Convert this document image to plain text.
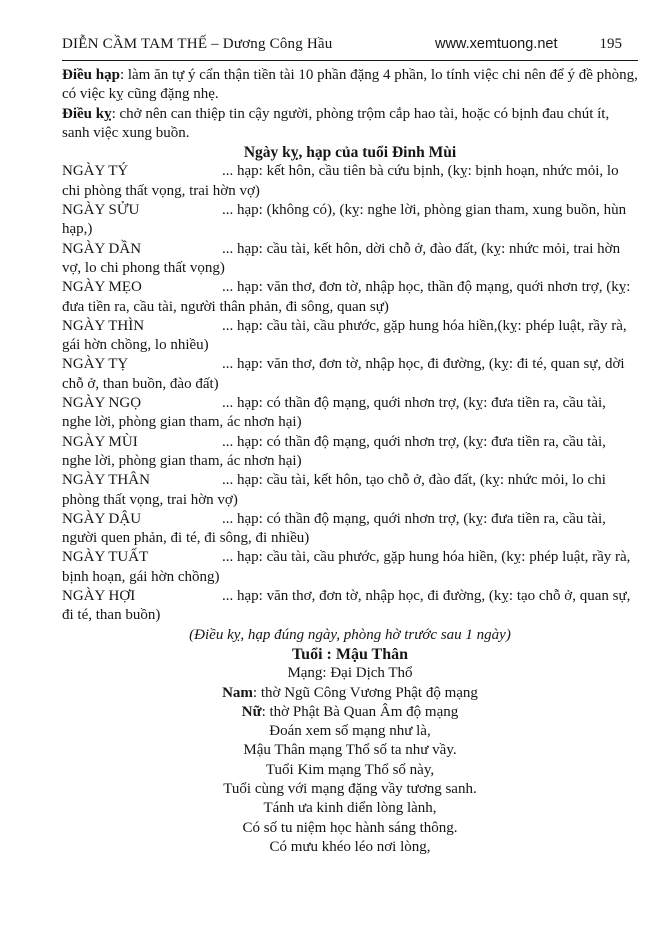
DIỄN CẦM TAM THẾ – Dương Công Hầu	www.xemtuong.net	195

Điều hạp: làm ăn tự ý cẩn thận tiền tài 10 phần đặng 4 phần, lo tính việc chi nên để ý đề phòng, có việc kỵ cũng đặng nhẹ.

Điều kỵ: chở nên can thiệp tin cậy người, phòng trộm cắp hao tài, hoặc có bịnh đau chút ít, sanh việc xung buồn.

Ngày kỵ, hạp của tuổi Đinh Mùi

NGÀY TÝ	... hạp: kết hôn, cầu tiên bà cứu bịnh, (kỵ: bịnh hoạn, nhức mỏi, lo chi phòng thất vọng, trai hờn vợ)

NGÀY SỬU	... hạp: (không có), (kỵ: nghe lời, phòng gian tham, xung buồn, hùn hạp,)

NGÀY DẦN	... hạp: cầu tài, kết hôn, dời chỗ ở, đào đất, (kỵ: nhức mỏi, trai hờn vợ, lo chi phong thất vọng)

NGÀY MẸO	... hạp: văn thơ, đơn tờ, nhập học, thần độ mạng, quới nhơn trợ, (kỵ: đưa tiền ra, cầu tài, người thân phản, đi sông, quan sự)

NGÀY THÌN	... hạp: cầu tài, cầu phước, gặp hung hóa hiền,(kỵ: phép luật, rầy rà, gái hờn chồng, lo nhiều)

NGÀY TỴ	... hạp: văn thơ, đơn tờ, nhập học, đi đường, (kỵ: đi té, quan sự, dời chỗ ở, than buồn, đào đất)

NGÀY NGỌ	... hạp: có thần độ mạng, quới nhơn trợ, (kỵ: đưa tiền ra, cầu tài, nghe lời, phòng gian tham, ác nhơn hại)

NGÀY MÙI	... hạp: có thần độ mạng, quới nhơn trợ, (kỵ: đưa tiền ra, cầu tài, nghe lời, phòng gian tham, ác nhơn hại)

NGÀY THÂN	... hạp: cầu tài, kết hôn, tạo chỗ ở, đào đất, (kỵ: nhức mỏi, lo chi phòng thất vọng, trai hờn vợ)

NGÀY DẬU	... hạp: có thần độ mạng, quới nhơn trợ, (kỵ: đưa tiền ra, cầu tài, người quen phản, đi té, đi sông, đi nhiều)

NGÀY TUẤT	... hạp: cầu tài, cầu phước, gặp hung hóa hiền, (kỵ: phép luật, rầy rà, bịnh hoạn, gái hờn chồng)

NGÀY HỢI	... hạp: văn thơ, đơn tờ, nhập học, đi đường, (kỵ: tạo chỗ ở, quan sự, đi té, than buồn)

(Điều kỵ, hạp đúng ngày, phòng hờ trước sau 1 ngày)

Tuổi : Mậu Thân

Mạng: Đại Dịch Thổ

Nam: thờ Ngũ Công Vương Phật độ mạng

Nữ: thờ Phật Bà Quan Âm độ mạng

Đoán xem số mạng như là,

Mậu Thân mạng Thổ số ta như vầy.

Tuổi Kim mạng Thổ số này,

Tuổi cùng với mạng đặng vầy tương sanh.

Tánh ưa kinh diển lòng lành,

Có số tu niệm học hành sáng thông.

Có mưu khéo léo nơi lòng,
